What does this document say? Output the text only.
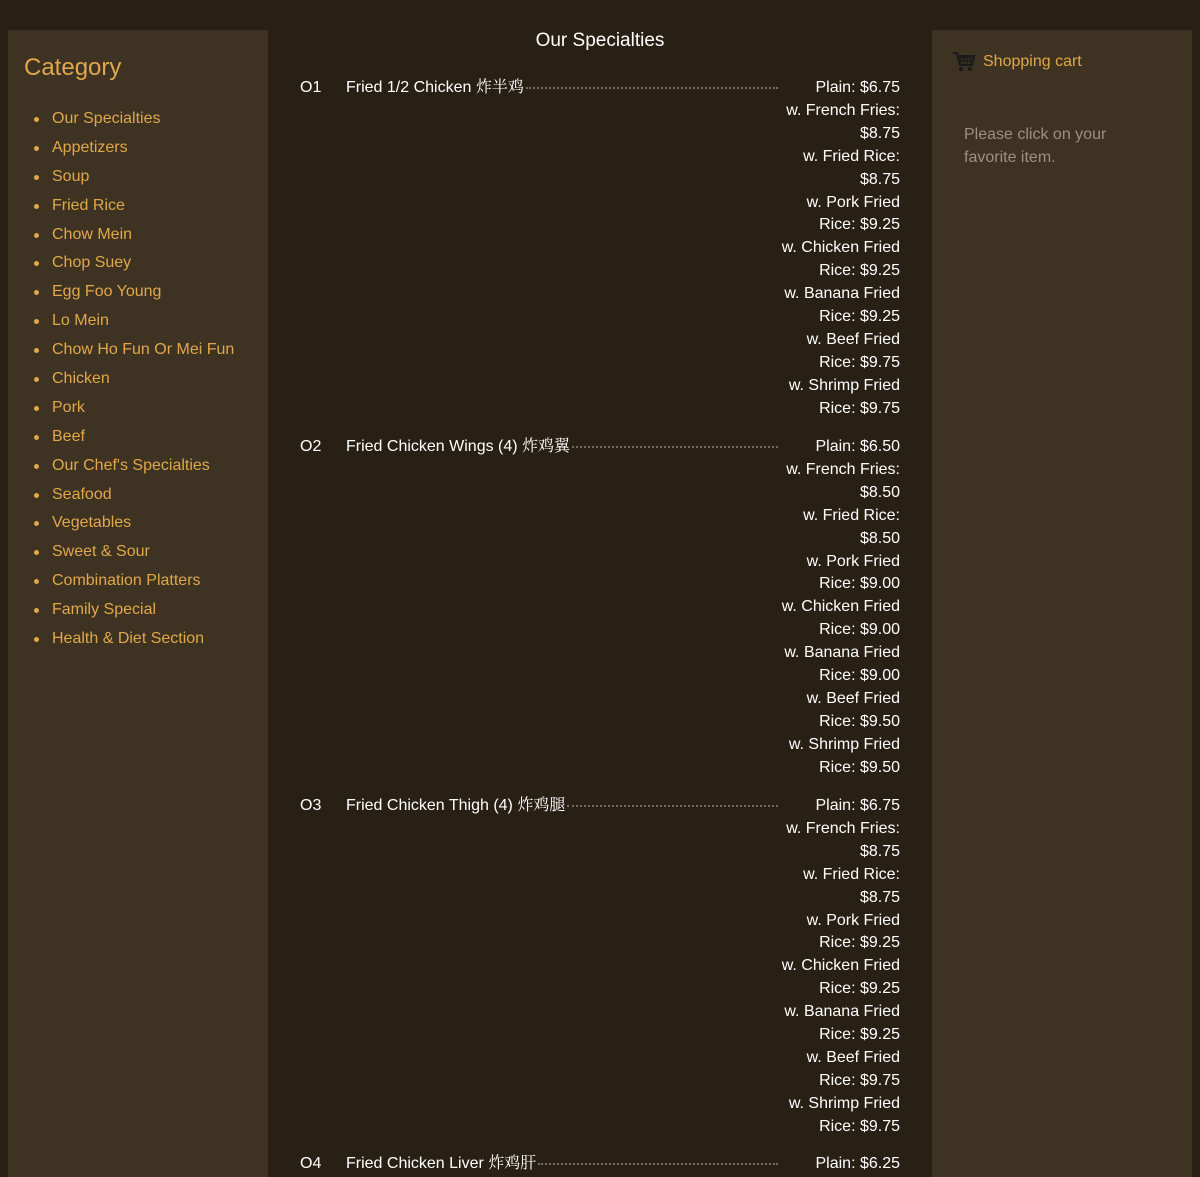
Category
Our Specialties
Appetizers
Soup
Fried Rice
Chow Mein
Chop Suey
Egg Foo Young
Lo Mein
Chow Ho Fun Or Mei Fun
Chicken
Pork
Beef
Our Chef's Specialties
Seafood
Vegetables
Sweet & Sour
Combination Platters
Family Special
Health & Diet Section
Our Specialties
O1 Fried 1/2 Chicken 炸半鸡	Plain: $6.75
w. French Fries:
$8.75
w. Fried Rice:
$8.75
w. Pork Fried
Rice: $9.25
w. Chicken Fried
Rice: $9.25
w. Banana Fried
Rice: $9.25
w. Beef Fried
Rice: $9.75
w. Shrimp Fried
Rice: $9.75
O2 Fried Chicken Wings (4) 炸鸡翼	Plain: $6.50
w. French Fries:
$8.50
w. Fried Rice:
$8.50
w. Pork Fried
Rice: $9.00
w. Chicken Fried
Rice: $9.00
w. Banana Fried
Rice: $9.00
w. Beef Fried
Rice: $9.50
w. Shrimp Fried
Rice: $9.50
O3 Fried Chicken Thigh (4) 炸鸡腿	Plain: $6.75
w. French Fries:
$8.75
w. Fried Rice:
$8.75
w. Pork Fried
Rice: $9.25
w. Chicken Fried
Rice: $9.25
w. Banana Fried
Rice: $9.25
w. Beef Fried
Rice: $9.75
w. Shrimp Fried
Rice: $9.75
O4 Fried Chicken Liver 炸鸡肝	Plain: $6.25
Shopping cart
Please click on your favorite item.
